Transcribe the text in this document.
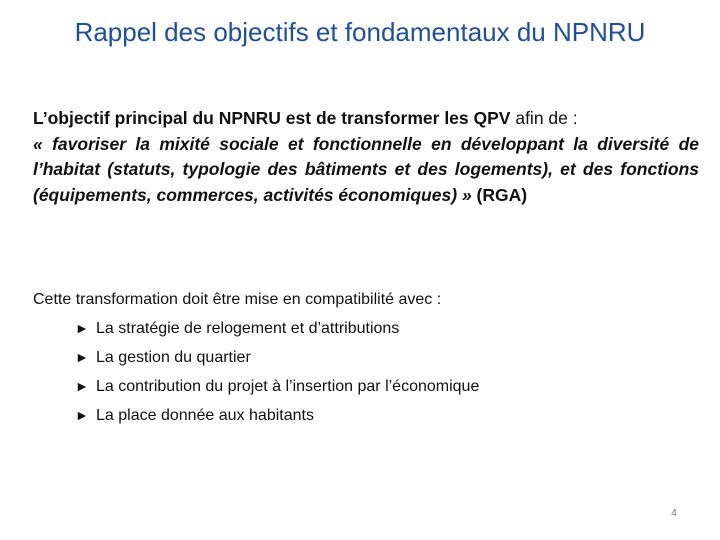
Rappel des objectifs et fondamentaux du NPNRU

L’objectif principal du NPNRU est de transformer les QPV afin de :

« favoriser la mixité sociale et fonctionnelle en développant la diversité de l’habitat (statuts, typologie des bâtiments et des logements), et des fonctions (équipements, commerces, activités économiques) » (RGA)

Cette transformation doit être mise en compatibilité avec :

► La stratégie de relogement et d’attributions
► La gestion du quartier
► La contribution du projet à l’insertion par l’économique
► La place donnée aux habitants
4
